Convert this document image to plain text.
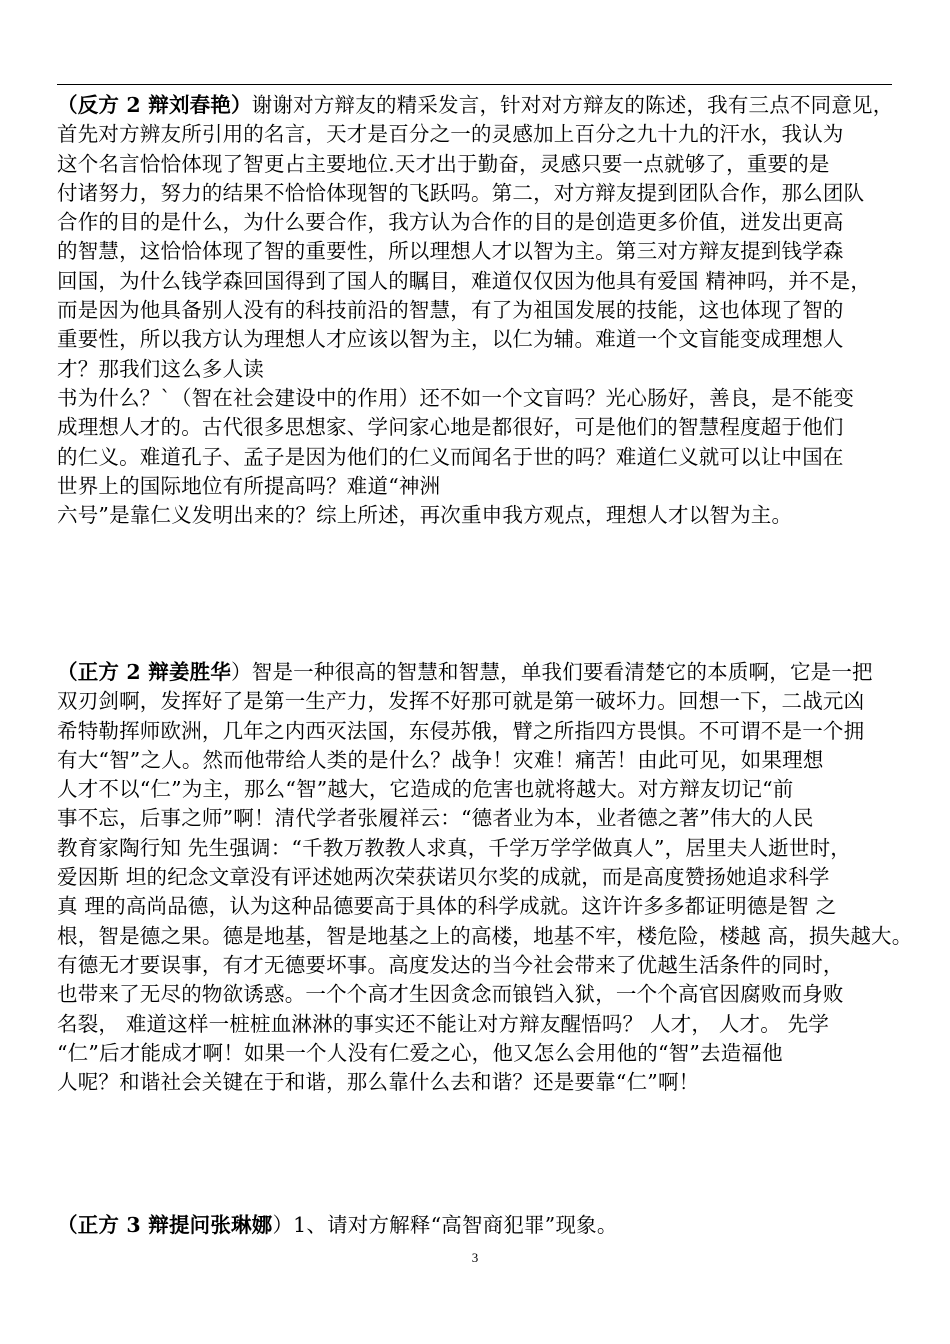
（反方 2 辩刘春艳）谢谢对方辩友的精采发言，针对对方辩友的陈述，我有三点不同意见，
首先对方辨友所引用的名言，天才是百分之一的灵感加上百分之九十九的汗水，我认为
这个名言恰恰体现了智更占主要地位.天才出于勤奋，灵感只要一点就够了，重要的是
付诸努力，努力的结果不恰恰体现智的飞跃吗。第二，对方辩友提到团队合作，那么团队
合作的目的是什么，为什么要合作，我方认为合作的目的是创造更多价值，迸发出更高
的智慧，这恰恰体现了智的重要性，所以理想人才以智为主。第三对方辩友提到钱学森
回国，为什么钱学森回国得到了国人的瞩目，难道仅仅因为他具有爱国 精神吗，并不是，
而是因为他具备别人没有的科技前沿的智慧，有了为祖国发展的技能，这也体现了智的
重要性，所以我方认为理想人才应该以智为主，以仁为辅。难道一个文盲能变成理想人
才？那我们这么多人读
书为什么？`（智在社会建设中的作用）还不如一个文盲吗？光心肠好，善良，是不能变
成理想人才的。古代很多思想家、学问家心地是都很好，可是他们的智慧程度超于他们
的仁义。难道孔子、孟子是因为他们的仁义而闻名于世的吗？难道仁义就可以让中国在
世界上的国际地位有所提高吗？难道“神洲
六号”是靠仁义发明出来的？综上所述，再次重申我方观点，理想人才以智为主。
（正方 2 辩姜胜华）智是一种很高的智慧和智慧，单我们要看清楚它的本质啊，它是一把
双刃剑啊，发挥好了是第一生产力，发挥不好那可就是第一破坏力。回想一下，二战元凶
希特勒挥师欧洲，几年之内西灭法国，东侵苏俄，臂之所指四方畏惧。不可谓不是一个拥
有大“智”之人。然而他带给人类的是什么？战争！灾难！痛苦！由此可见，如果理想
人才不以“仁”为主，那么“智”越大，它造成的危害也就将越大。对方辩友切记“前
事不忘，后事之师”啊！清代学者张履祥云：“德者业为本，业者德之著”伟大的人民
教育家陶行知 先生强调：“千教万教教人求真，千学万学学做真人”，居里夫人逝世时，
爱因斯 坦的纪念文章没有评述她两次荣获诺贝尔奖的成就，而是高度赞扬她追求科学
真 理的高尚品德，认为这种品德要高于具体的科学成就。这许许多多都证明德是智 之
根，智是德之果。德是地基，智是地基之上的高楼，地基不牢，楼危险，楼越 高，损失越大。
有德无才要误事，有才无德要坏事。高度发达的当今社会带来了优越生活条件的同时，
也带来了无尽的物欲诱惑。一个个高才生因贪念而锒铛入狱，一个个高官因腐败而身败
名裂， 难道这样一桩桩血淋淋的事实还不能让对方辩友醒悟吗？ 人才， 人才。 先学
“仁”后才能成才啊！如果一个人没有仁爱之心，他又怎么会用他的“智”去造福他
人呢？和谐社会关键在于和谐，那么靠什么去和谐？还是要靠“仁”啊！
（正方 3 辩提问张琳娜）1、请对方解释“高智商犯罪”现象。
3
